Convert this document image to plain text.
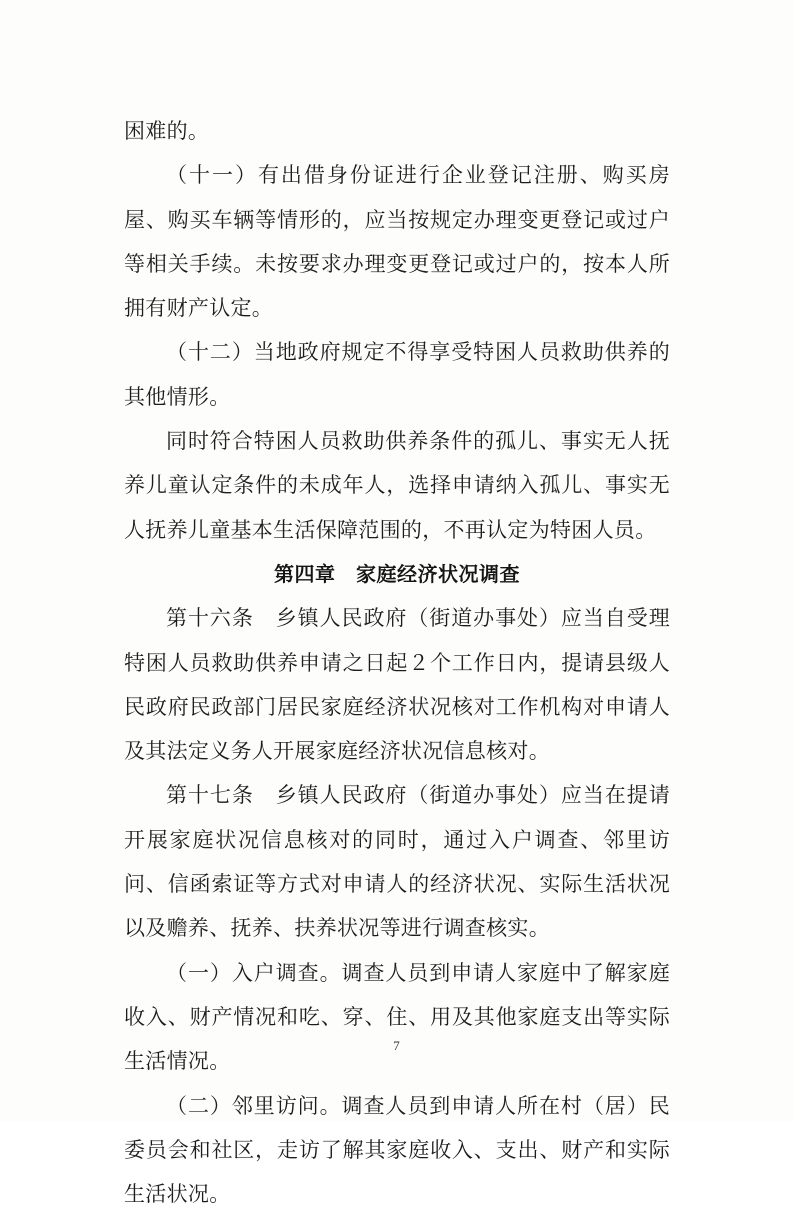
困难的。

（十一）有出借身份证进行企业登记注册、购买房屋、购买车辆等情形的，应当按规定办理变更登记或过户等相关手续。未按要求办理变更登记或过户的，按本人所拥有财产认定。

（十二）当地政府规定不得享受特困人员救助供养的其他情形。

同时符合特困人员救助供养条件的孤儿、事实无人抚养儿童认定条件的未成年人，选择申请纳入孤儿、事实无人抚养儿童基本生活保障范围的，不再认定为特困人员。

第四章　家庭经济状况调查

第十六条　乡镇人民政府（街道办事处）应当自受理特困人员救助供养申请之日起２个工作日内，提请县级人民政府民政部门居民家庭经济状况核对工作机构对申请人及其法定义务人开展家庭经济状况信息核对。

第十七条　乡镇人民政府（街道办事处）应当在提请开展家庭状况信息核对的同时，通过入户调查、邻里访问、信函索证等方式对申请人的经济状况、实际生活状况以及赡养、抚养、扶养状况等进行调查核实。

（一）入户调查。调查人员到申请人家庭中了解家庭收入、财产情况和吃、穿、住、用及其他家庭支出等实际生活情况。

（二）邻里访问。调查人员到申请人所在村（居）民委员会和社区，走访了解其家庭收入、支出、财产和实际生活状况。

7
